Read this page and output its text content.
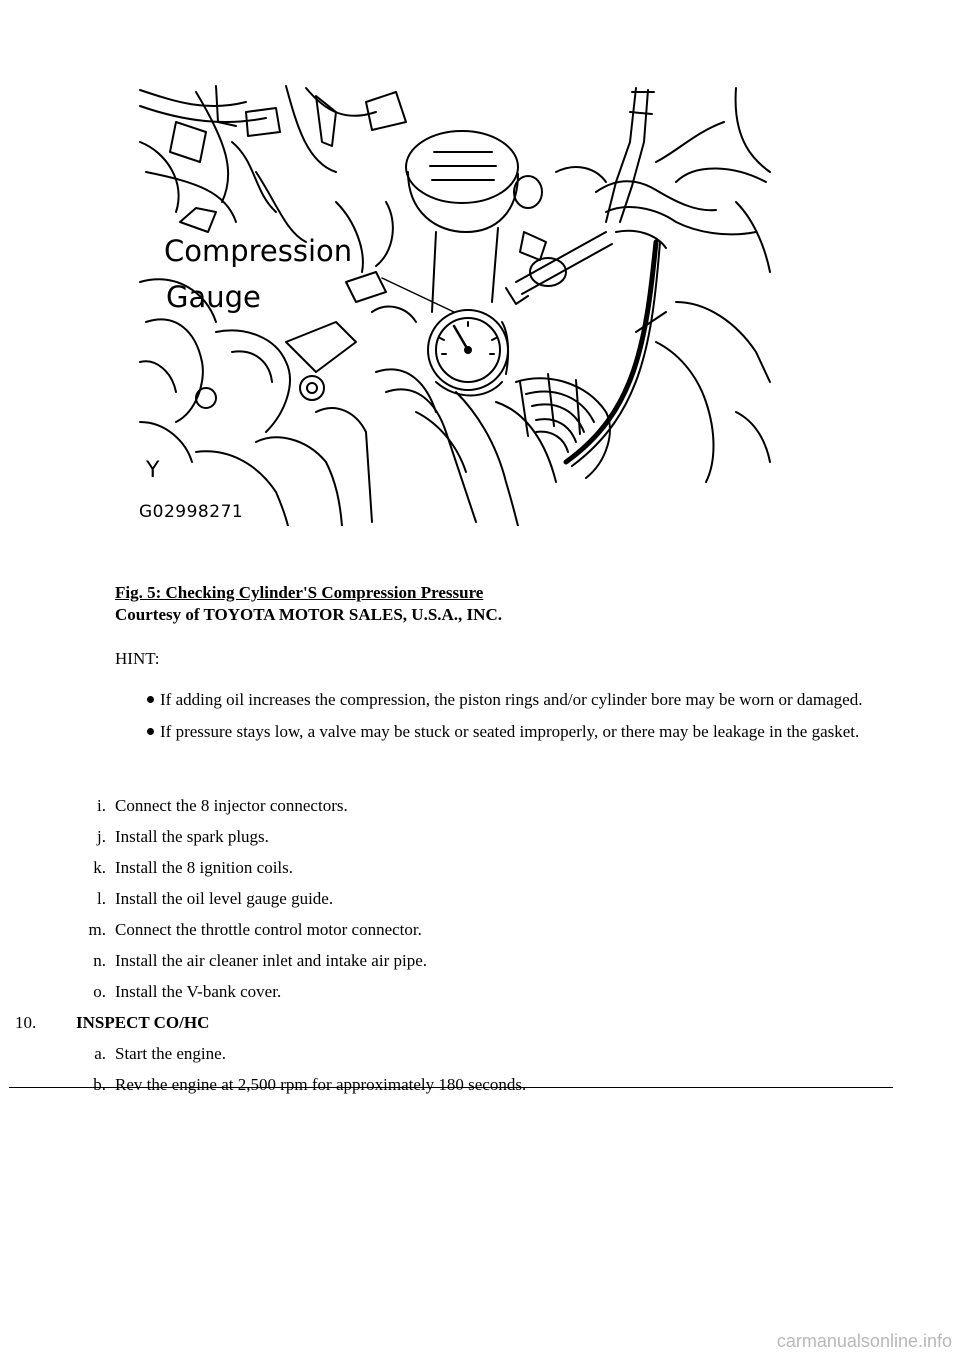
Compression
Gauge
Y
G02998271
Fig. 5: Checking Cylinder'S Compression Pressure
Courtesy of TOYOTA MOTOR SALES, U.S.A., INC.
HINT:
If adding oil increases the compression, the piston rings and/or cylinder bore may be worn or damaged.
If pressure stays low, a valve may be stuck or seated improperly, or there may be leakage in the gasket.
i. Connect the 8 injector connectors.
j. Install the spark plugs.
k. Install the 8 ignition coils.
l. Install the oil level gauge guide.
m. Connect the throttle control motor connector.
n. Install the air cleaner inlet and intake air pipe.
o. Install the V-bank cover.
10.	INSPECT CO/HC
a. Start the engine.
b. Rev the engine at 2,500 rpm for approximately 180 seconds.
carmanualsonline.info
